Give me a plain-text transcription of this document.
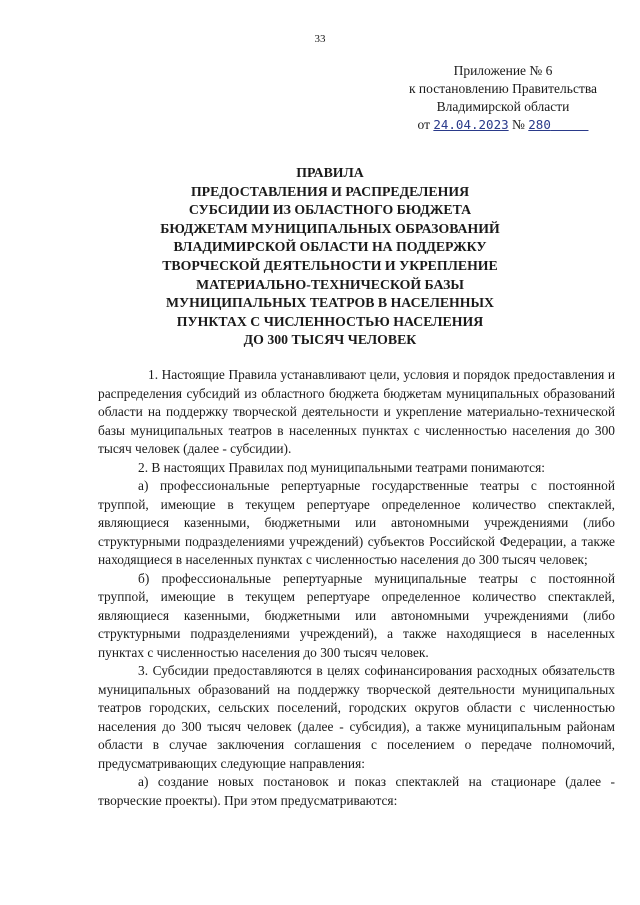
33
Приложение № 6
к постановлению Правительства
Владимирской области
от 24.04.2023 № 280
ПРАВИЛА
ПРЕДОСТАВЛЕНИЯ И РАСПРЕДЕЛЕНИЯ
СУБСИДИИ ИЗ ОБЛАСТНОГО БЮДЖЕТА
БЮДЖЕТАМ МУНИЦИПАЛЬНЫХ ОБРАЗОВАНИЙ
ВЛАДИМИРСКОЙ ОБЛАСТИ НА ПОДДЕРЖКУ
ТВОРЧЕСКОЙ ДЕЯТЕЛЬНОСТИ И УКРЕПЛЕНИЕ
МАТЕРИАЛЬНО-ТЕХНИЧЕСКОЙ БАЗЫ
МУНИЦИПАЛЬНЫХ ТЕАТРОВ В НАСЕЛЕННЫХ
ПУНКТАХ С ЧИСЛЕННОСТЬЮ НАСЕЛЕНИЯ
ДО 300 ТЫСЯЧ ЧЕЛОВЕК

1. Настоящие Правила устанавливают цели, условия и порядок предоставления и распределения субсидий из областного бюджета бюджетам муниципальных образований области на поддержку творческой деятельности и укрепление материально-технической базы муниципальных театров в населенных пунктах с численностью населения до 300 тысяч человек (далее - субсидии).

2. В настоящих Правилах под муниципальными театрами понимаются:

а) профессиональные репертуарные государственные театры с постоянной труппой, имеющие в текущем репертуаре определенное количество спектаклей, являющиеся казенными, бюджетными или автономными учреждениями (либо структурными подразделениями учреждений) субъектов Российской Федерации, а также находящиеся в населенных пунктах с численностью населения до 300 тысяч человек;

б) профессиональные репертуарные муниципальные театры с постоянной труппой, имеющие в текущем репертуаре определенное количество спектаклей, являющиеся казенными, бюджетными или автономными учреждениями (либо структурными подразделениями учреждений), а также находящиеся в населенных пунктах с численностью населения до 300 тысяч человек.

3. Субсидии предоставляются в целях софинансирования расходных обязательств муниципальных образований на поддержку творческой деятельности муниципальных театров городских, сельских поселений, городских округов области с численностью населения до 300 тысяч человек (далее - субсидия), а также муниципальным районам области в случае заключения соглашения с поселением о передаче полномочий, предусматривающих следующие направления:

а) создание новых постановок и показ спектаклей на стационаре (далее - творческие проекты). При этом предусматриваются:
